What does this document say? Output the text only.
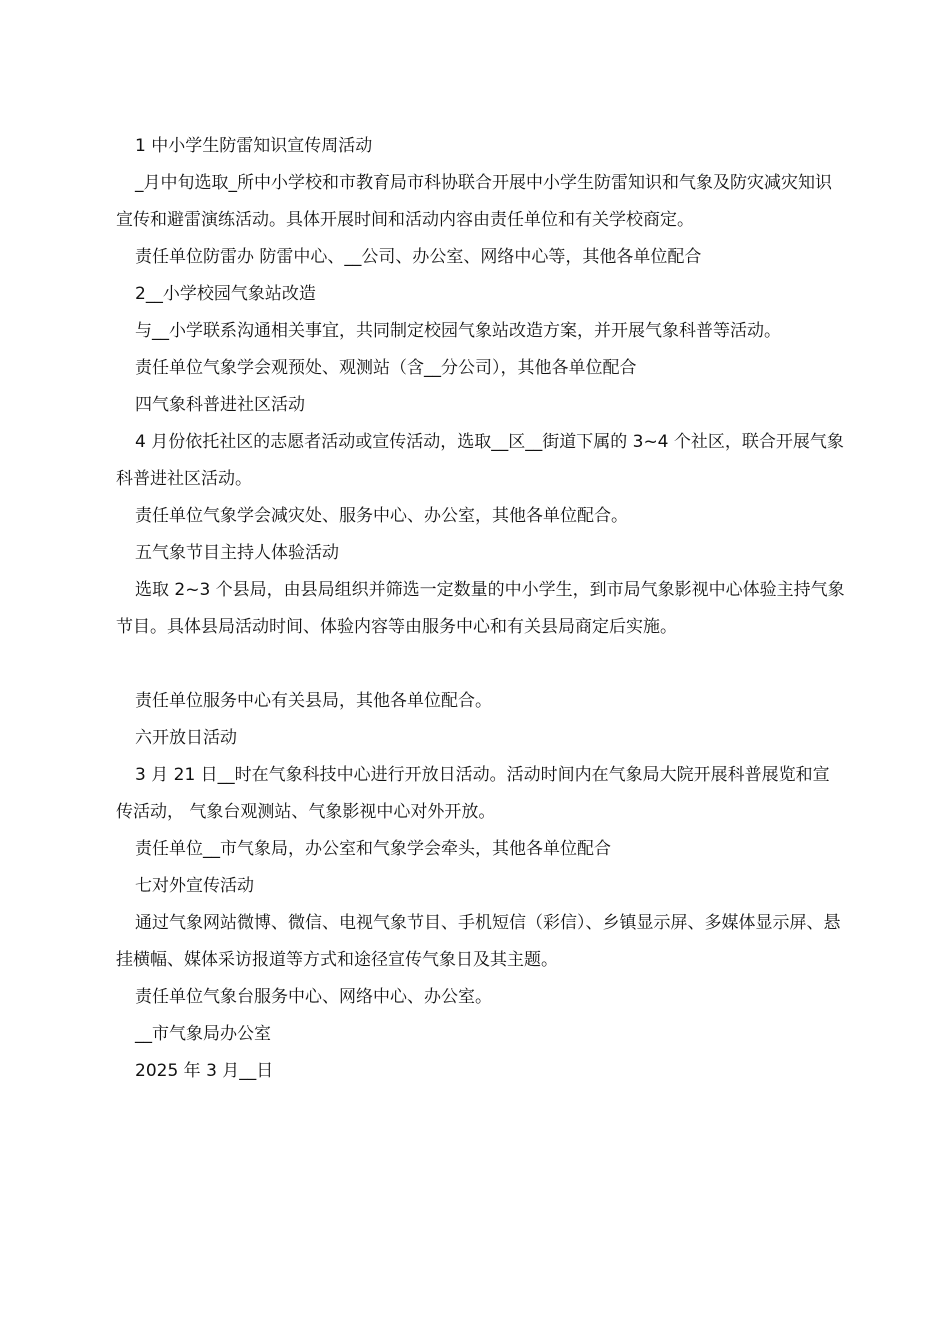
1 中小学生防雷知识宣传周活动

_月中旬选取_所中小学校和市教育局市科协联合开展中小学生防雷知识和气象及防灾减灾知识宣传和避雷演练活动。具体开展时间和活动内容由责任单位和有关学校商定。

责任单位防雷办 防雷中心、__公司、办公室、网络中心等，其他各单位配合

2__小学校园气象站改造

与__小学联系沟通相关事宜，共同制定校园气象站改造方案，并开展气象科普等活动。

责任单位气象学会观预处、观测站（含__分公司），其他各单位配合

四气象科普进社区活动

4 月份依托社区的志愿者活动或宣传活动，选取__区__街道下属的 3~4 个社区，联合开展气象科普进社区活动。

责任单位气象学会减灾处、服务中心、办公室，其他各单位配合。

五气象节目主持人体验活动

选取 2~3 个县局，由县局组织并筛选一定数量的中小学生，到市局气象影视中心体验主持气象节目。具体县局活动时间、体验内容等由服务中心和有关县局商定后实施。

责任单位服务中心有关县局，其他各单位配合。

六开放日活动

3 月 21 日__时在气象科技中心进行开放日活动。活动时间内在气象局大院开展科普展览和宣传活动， 气象台观测站、气象影视中心对外开放。

责任单位__市气象局，办公室和气象学会牵头，其他各单位配合

七对外宣传活动

通过气象网站微博、微信、电视气象节目、手机短信（彩信）、乡镇显示屏、多媒体显示屏、悬挂横幅、媒体采访报道等方式和途径宣传气象日及其主题。

责任单位气象台服务中心、网络中心、办公室。

__市气象局办公室

2025 年 3 月__日
